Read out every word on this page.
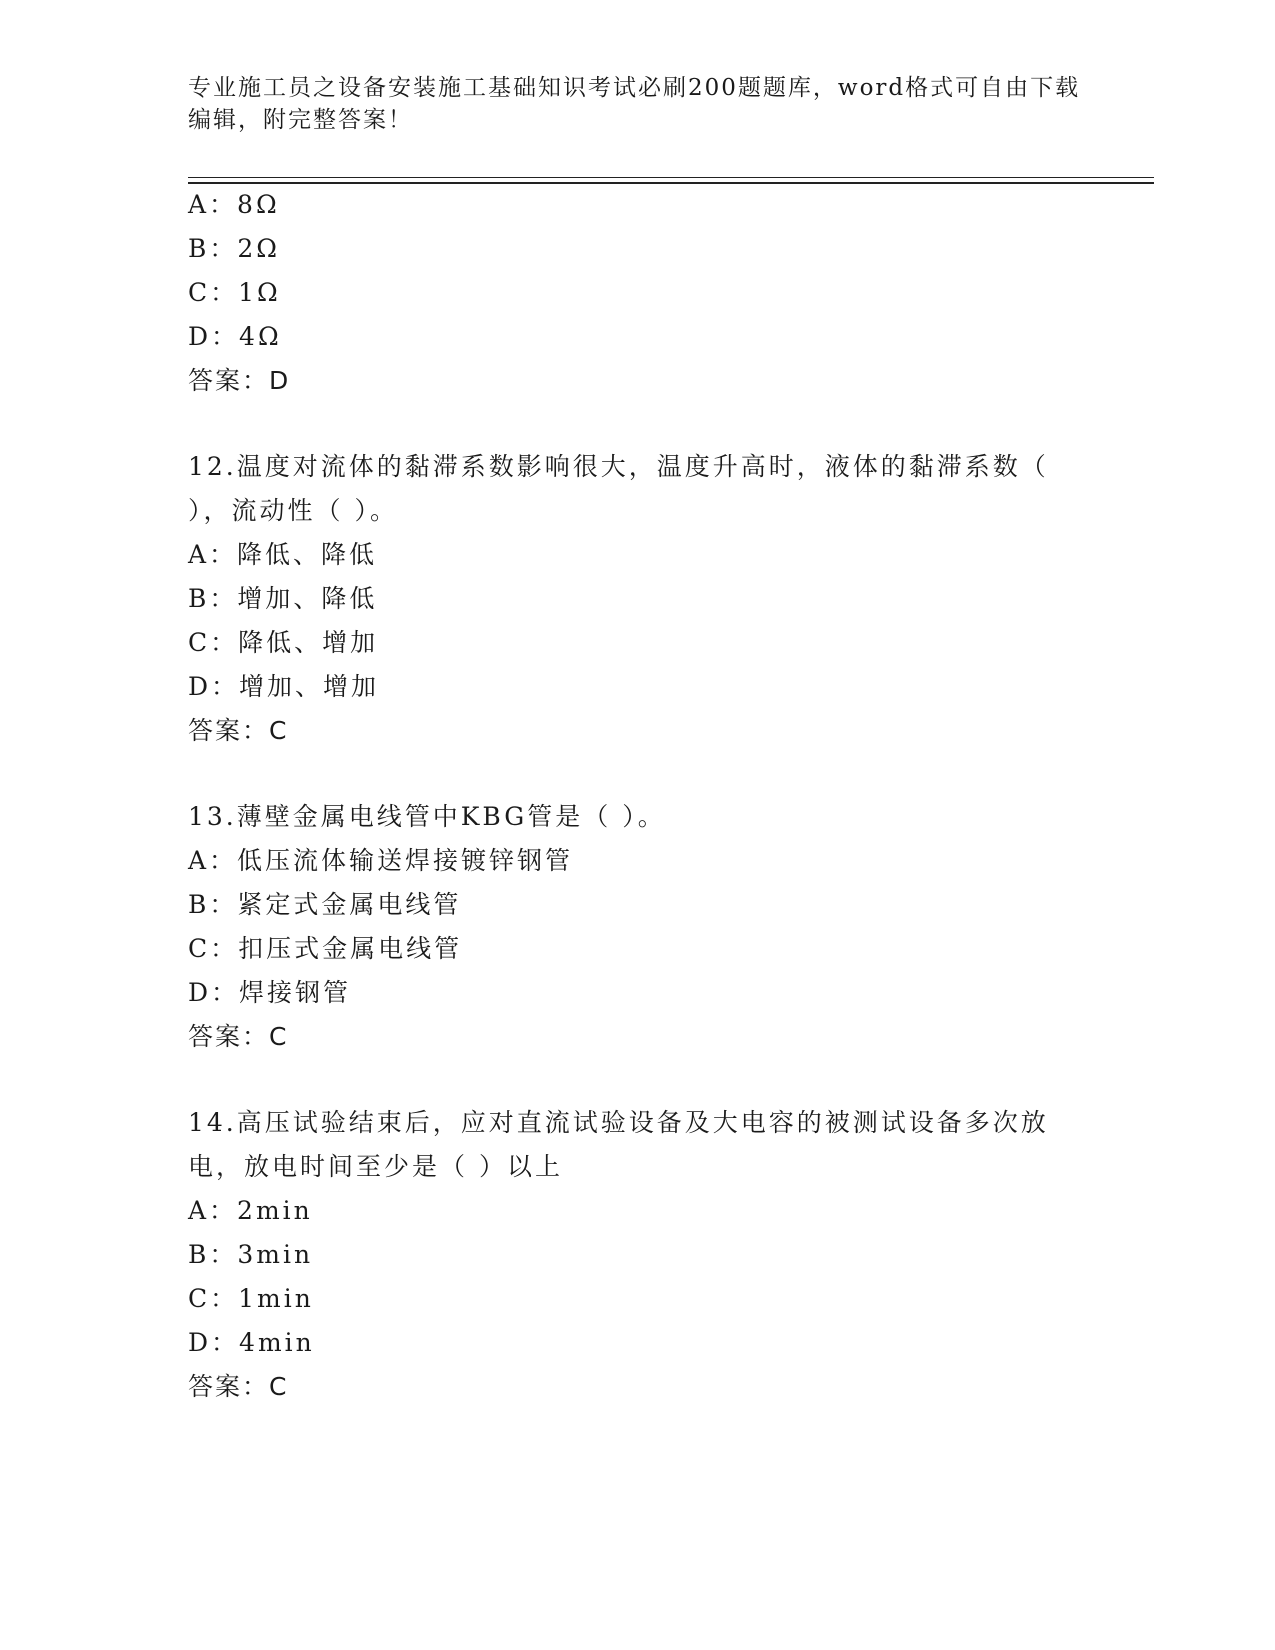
专业施工员之设备安装施工基础知识考试必刷200题题库，word格式可自由下载
编辑，附完整答案！
A：8Ω
B：2Ω
C：1Ω
D：4Ω
答案：D
12.温度对流体的黏滞系数影响很大，温度升高时，液体的黏滞系数（
），流动性（ ）。
A：降低、降低
B：增加、降低
C：降低、增加
D：增加、增加
答案：C
13.薄壁金属电线管中KBG管是（ ）。
A：低压流体输送焊接镀锌钢管
B：紧定式金属电线管
C：扣压式金属电线管
D：焊接钢管
答案：C
14.高压试验结束后，应对直流试验设备及大电容的被测试设备多次放
电，放电时间至少是（ ）以上
A：2min
B：3min
C：1min
D：4min
答案：C
